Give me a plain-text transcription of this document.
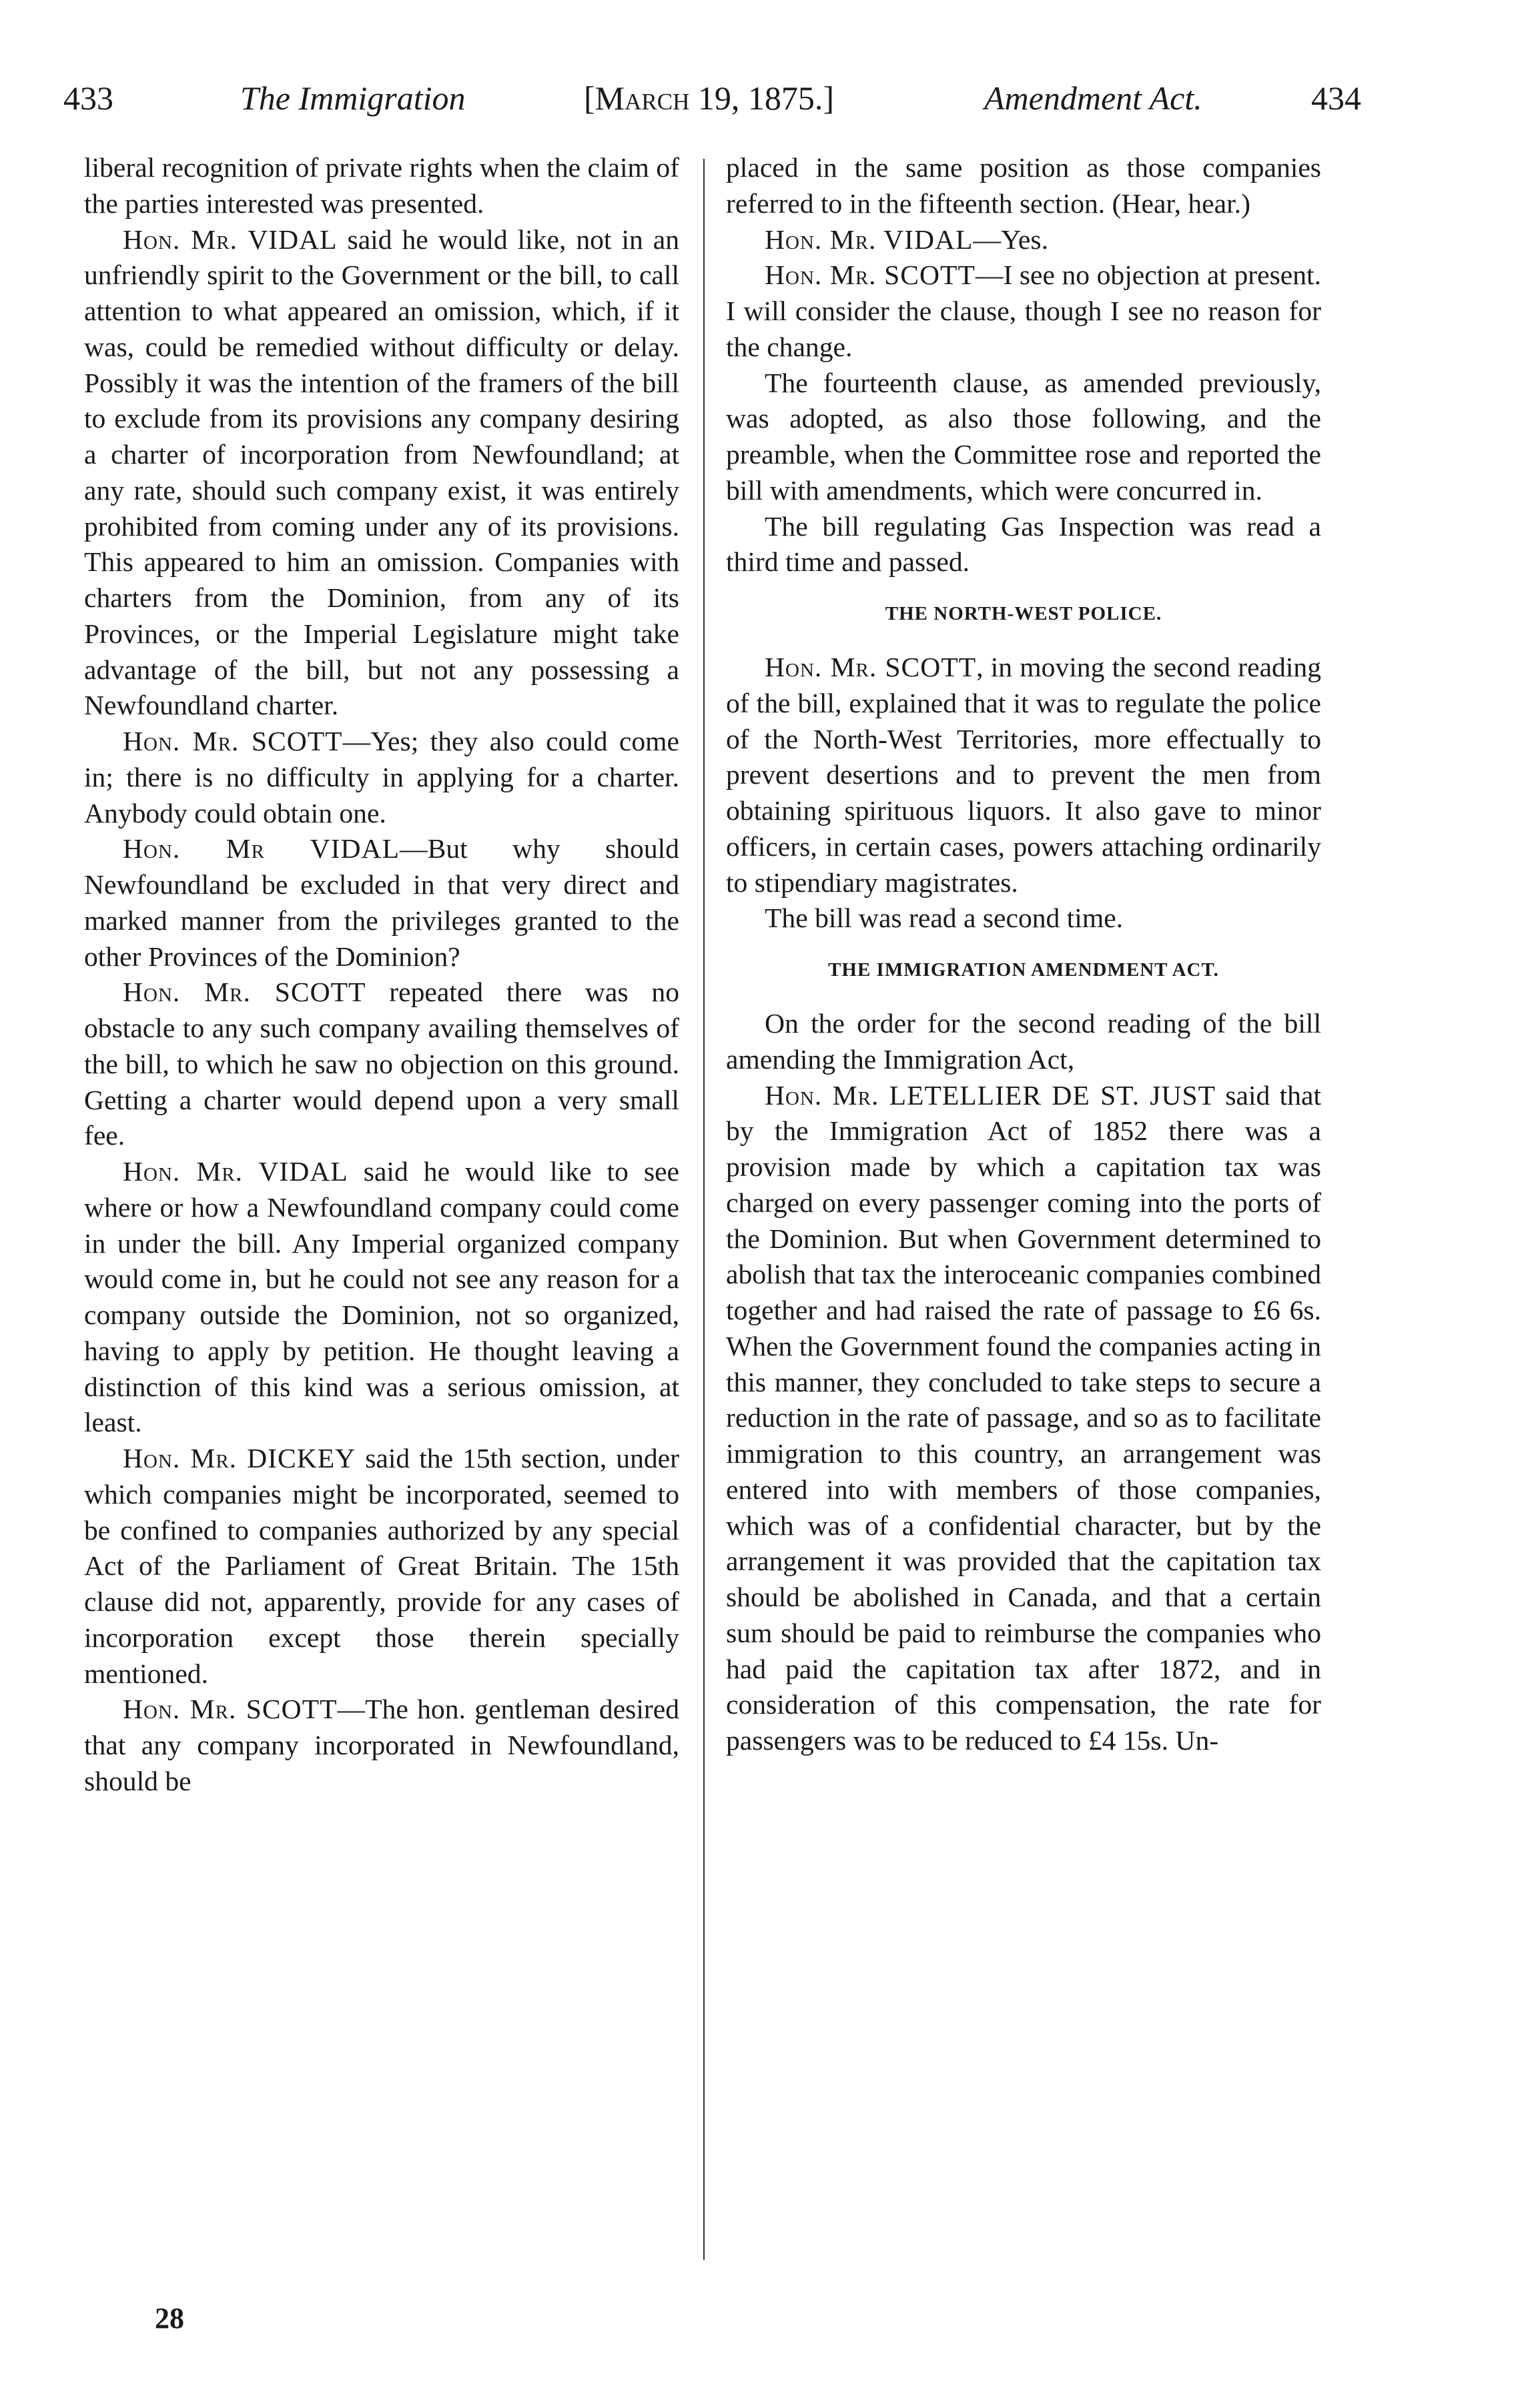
433	The Immigration	[March 19, 1875.]	Amendment Act.	434

liberal recognition of private rights when the claim of the parties interested was presented.

Hon. Mr. VIDAL said he would like, not in an unfriendly spirit to the Government or the bill, to call attention to what appeared an omission, which, if it was, could be remedied without difficulty or delay. Possibly it was the intention of the framers of the bill to exclude from its provisions any company desiring a charter of incorporation from Newfoundland; at any rate, should such company exist, it was entirely prohibited from coming under any of its provisions. This appeared to him an omission. Companies with charters from the Dominion, from any of its Provinces, or the Imperial Legislature might take advantage of the bill, but not any possessing a Newfoundland charter.

Hon. Mr. SCOTT—Yes; they also could come in; there is no difficulty in applying for a charter. Anybody could obtain one.

Hon. Mr VIDAL—But why should Newfoundland be excluded in that very direct and marked manner from the privileges granted to the other Provinces of the Dominion?

Hon. Mr. SCOTT repeated there was no obstacle to any such company availing themselves of the bill, to which he saw no objection on this ground. Getting a charter would depend upon a very small fee.

Hon. Mr. VIDAL said he would like to see where or how a Newfoundland company could come in under the bill. Any Imperial organized company would come in, but he could not see any reason for a company outside the Dominion, not so organized, having to apply by petition. He thought leaving a distinction of this kind was a serious omission, at least.

Hon. Mr. DICKEY said the 15th section, under which companies might be incorporated, seemed to be confined to companies authorized by any special Act of the Parliament of Great Britain. The 15th clause did not, apparently, provide for any cases of incorporation except those therein specially mentioned.

Hon. Mr. SCOTT—The hon. gentleman desired that any company incorporated in Newfoundland, should be

placed in the same position as those companies referred to in the fifteenth section. (Hear, hear.)

Hon. Mr. VIDAL—Yes.

Hon. Mr. SCOTT—I see no objection at present. I will consider the clause, though I see no reason for the change.

The fourteenth clause, as amended previously, was adopted, as also those following, and the preamble, when the Committee rose and reported the bill with amendments, which were concurred in.

The bill regulating Gas Inspection was read a third time and passed.

THE NORTH-WEST POLICE.

Hon. Mr. SCOTT, in moving the second reading of the bill, explained that it was to regulate the police of the North-West Territories, more effectually to prevent desertions and to prevent the men from obtaining spirituous liquors. It also gave to minor officers, in certain cases, powers attaching ordinarily to stipendiary magistrates.

The bill was read a second time.

THE IMMIGRATION AMENDMENT ACT.

On the order for the second reading of the bill amending the Immigration Act,

Hon. Mr. LETELLIER DE ST. JUST said that by the Immigration Act of 1852 there was a provision made by which a capitation tax was charged on every passenger coming into the ports of the Dominion. But when Government determined to abolish that tax the interoceanic companies combined together and had raised the rate of passage to £6 6s. When the Government found the companies acting in this manner, they concluded to take steps to secure a reduction in the rate of passage, and so as to facilitate immigration to this country, an arrangement was entered into with members of those companies, which was of a confidential character, but by the arrangement it was provided that the capitation tax should be abolished in Canada, and that a certain sum should be paid to reimburse the companies who had paid the capitation tax after 1872, and in consideration of this compensation, the rate for passengers was to be reduced to £4 15s. Un-

28
